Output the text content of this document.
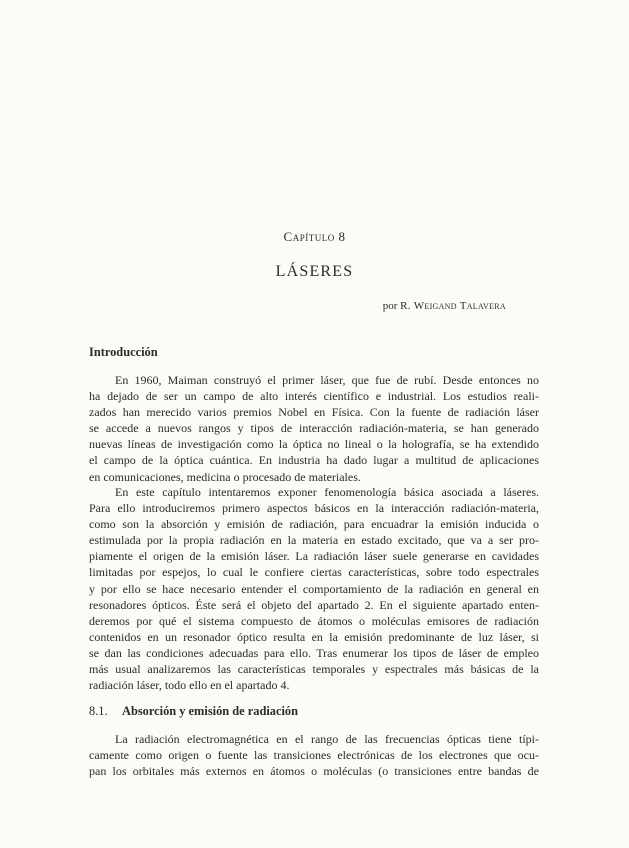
Capítulo 8
LÁSERES
por R. Weigand Talavera
Introducción
En 1960, Maiman construyó el primer láser, que fue de rubí. Desde entonces no
ha dejado de ser un campo de alto interés científico e industrial. Los estudios reali-
zados han merecido varios premios Nobel en Física. Con la fuente de radiación láser
se accede a nuevos rangos y tipos de interacción radiación-materia, se han generado
nuevas líneas de investigación como la óptica no lineal o la holografía, se ha extendido
el campo de la óptica cuántica. En industria ha dado lugar a multitud de aplicaciones
en comunicaciones, medicina o procesado de materiales.
En este capítulo intentaremos exponer fenomenología básica asociada a láseres.
Para ello introduciremos primero aspectos básicos en la interacción radiación-materia,
como son la absorción y emisión de radiación, para encuadrar la emisión inducida o
estimulada por la propia radiación en la materia en estado excitado, que va a ser pro-
piamente el origen de la emisión láser. La radiación láser suele generarse en cavidades
limitadas por espejos, lo cual le confiere ciertas características, sobre todo espectrales
y por ello se hace necesario entender el comportamiento de la radiación en general en
resonadores ópticos. Éste será el objeto del apartado 2. En el siguiente apartado enten-
deremos por qué el sistema compuesto de átomos o moléculas emisores de radiación
contenidos en un resonador óptico resulta en la emisión predominante de luz láser, si
se dan las condiciones adecuadas para ello. Tras enumerar los tipos de láser de empleo
más usual analizaremos las características temporales y espectrales más básicas de la
radiación láser, todo ello en el apartado 4.
8.1. Absorción y emisión de radiación
La radiación electromagnética en el rango de las frecuencias ópticas tiene típi-
camente como origen o fuente las transiciones electrónicas de los electrones que ocu-
pan los orbitales más externos en átomos o moléculas (o transiciones entre bandas de
